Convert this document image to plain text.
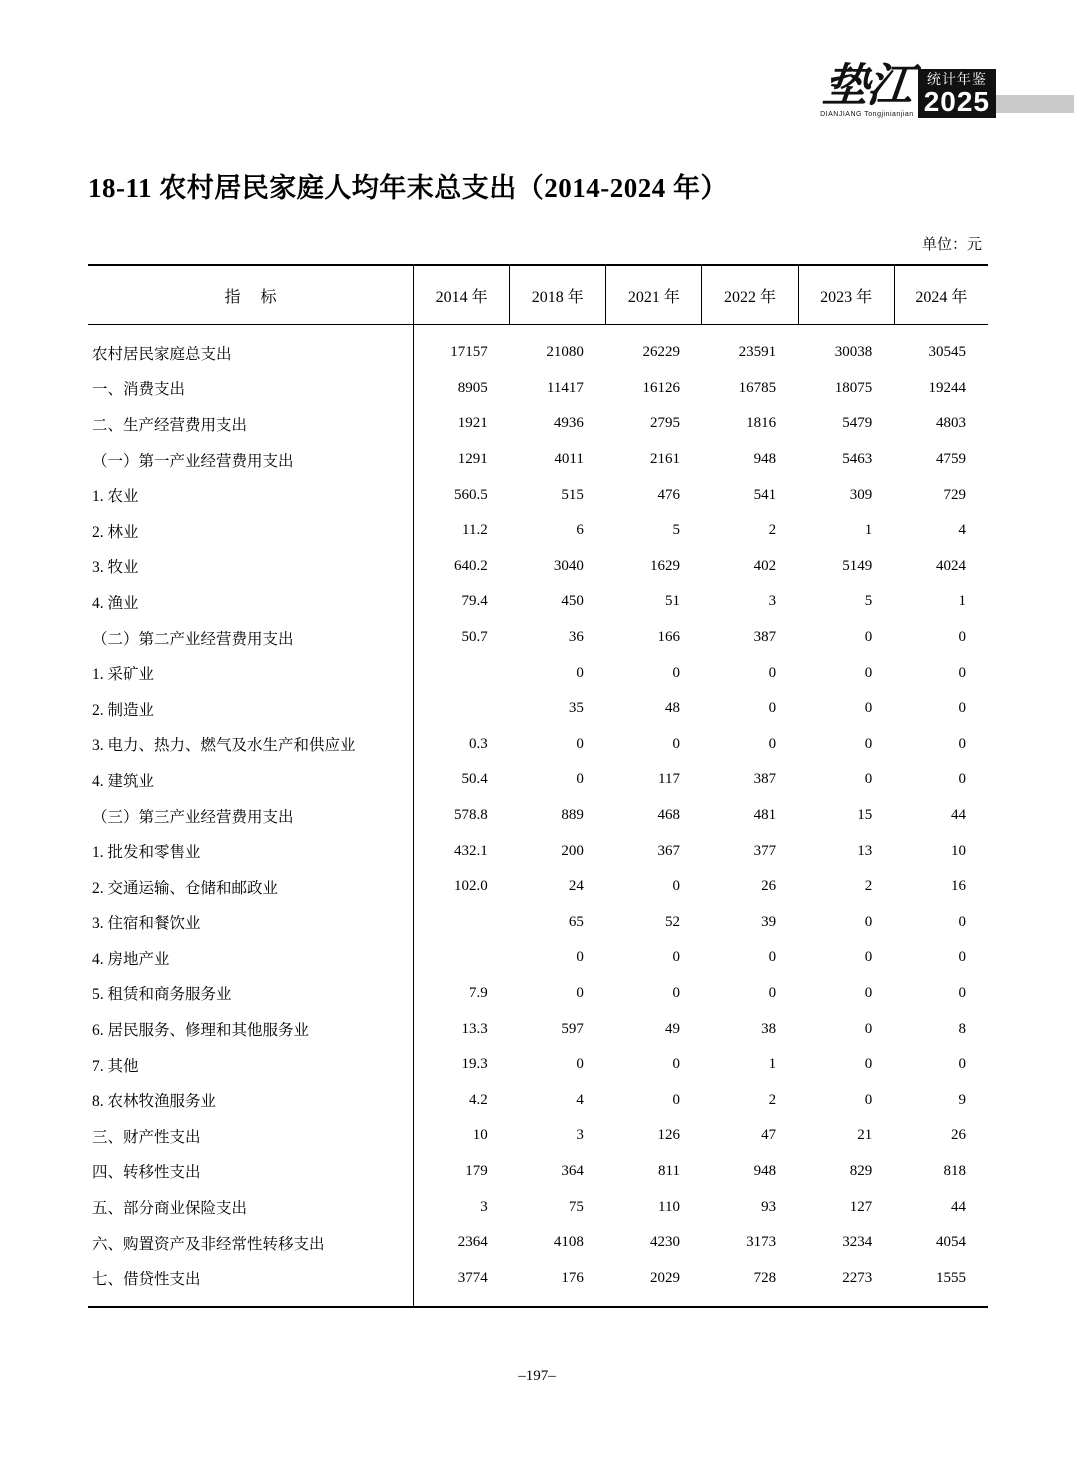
垫江
DIANJIANG Tongjinianjian
统计年鉴
2025
18-11 农村居民家庭人均年末总支出（2014-2024 年）
单位：元
指 标	2014 年	2018 年	2021 年	2022 年	2023 年	2024 年
农村居民家庭总支出	17157	21080	26229	23591	30038	30545
一、消费支出	8905	11417	16126	16785	18075	19244
二、生产经营费用支出	1921	4936	2795	1816	5479	4803
（一）第一产业经营费用支出	1291	4011	2161	948	5463	4759
1. 农业	560.5	515	476	541	309	729
2. 林业	11.2	6	5	2	1	4
3. 牧业	640.2	3040	1629	402	5149	4024
4. 渔业	79.4	450	51	3	5	1
（二）第二产业经营费用支出	50.7	36	166	387	0	0
1. 采矿业		0	0	0	0	0
2. 制造业		35	48	0	0	0
3. 电力、热力、燃气及水生产和供应业	0.3	0	0	0	0	0
4. 建筑业	50.4	0	117	387	0	0
（三）第三产业经营费用支出	578.8	889	468	481	15	44
1. 批发和零售业	432.1	200	367	377	13	10
2. 交通运输、仓储和邮政业	102.0	24	0	26	2	16
3. 住宿和餐饮业		65	52	39	0	0
4. 房地产业		0	0	0	0	0
5. 租赁和商务服务业	7.9	0	0	0	0	0
6. 居民服务、修理和其他服务业	13.3	597	49	38	0	8
7. 其他	19.3	0	0	1	0	0
8. 农林牧渔服务业	4.2	4	0	2	0	9
三、财产性支出	10	3	126	47	21	26
四、转移性支出	179	364	811	948	829	818
五、部分商业保险支出	3	75	110	93	127	44
六、购置资产及非经常性转移支出	2364	4108	4230	3173	3234	4054
七、借贷性支出	3774	176	2029	728	2273	1555
–197–
